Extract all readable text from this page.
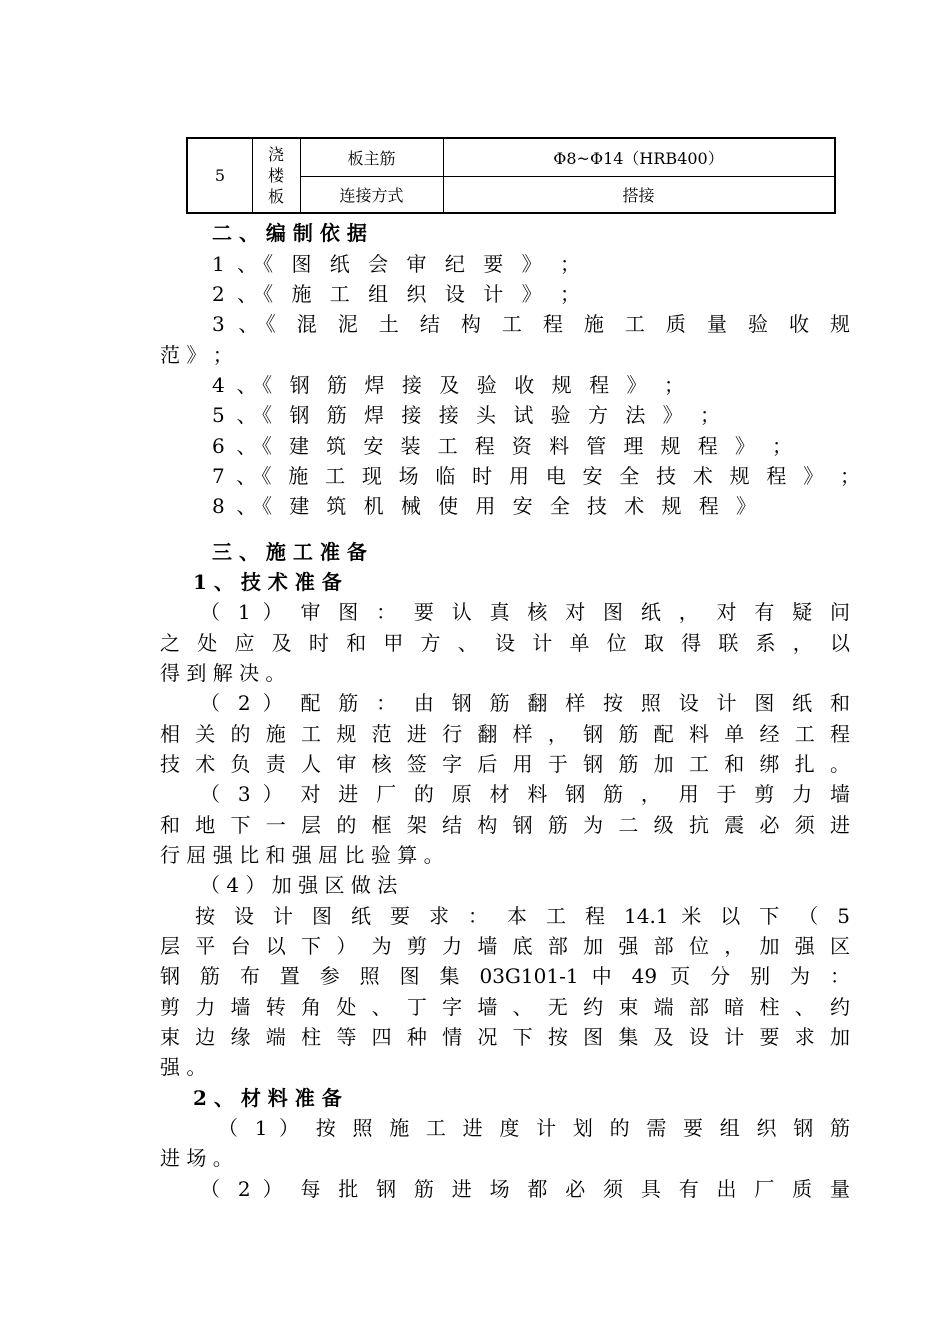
5
浇
楼
板
板主筋	Φ8~Φ14（HRB400）
连接方式	搭接
二 、 编 制 依 据
1 、《 图 纸 会 审 纪 要 》 ；
2 、《 施 工 组 织 设 计 》 ；
3 、《 混 泥 土 结 构 工 程 施 工 质 量 验 收 规
范 》 ；
4 、《 钢 筋 焊 接 及 验 收 规 程 》 ；
5 、《 钢 筋 焊 接 接 头 试 验 方 法 》 ；
6 、《 建 筑 安 装 工 程 资 料 管 理 规 程 》 ；
7 、《 施 工 现 场 临 时 用 电 安 全 技 术 规 程 》 ；
8 、《 建 筑 机 械 使 用 安 全 技 术 规 程 》
三 、 施 工 准 备
1 、 技 术 准 备
（ 1 ） 审 图 ： 要 认 真 核 对 图 纸 ， 对 有 疑 问
之 处 应 及 时 和 甲 方 、 设 计 单 位 取 得 联 系 ， 以
得 到 解 决 。
（ 2 ） 配 筋 ： 由 钢 筋 翻 样 按 照 设 计 图 纸 和
相 关 的 施 工 规 范 进 行 翻 样 ， 钢 筋 配 料 单 经 工 程
技 术 负 责 人 审 核 签 字 后 用 于 钢 筋 加 工 和 绑 扎 。
（ 3 ） 对 进 厂 的 原 材 料 钢 筋 ， 用 于 剪 力 墙
和 地 下 一 层 的 框 架 结 构 钢 筋 为 二 级 抗 震 必 须 进
行 屈 强 比 和 强 屈 比 验 算 。
（ 4 ） 加 强 区 做 法
按 设 计 图 纸 要 求 ： 本 工 程 14.1 米 以 下 （ 5
层 平 台 以 下 ） 为 剪 力 墙 底 部 加 强 部 位 ， 加 强 区
钢 筋 布 置 参 照 图 集 03G101-1 中 49 页 分 别 为 ：
剪 力 墙 转 角 处 、 丁 字 墙 、 无 约 束 端 部 暗 柱 、 约
束 边 缘 端 柱 等 四 种 情 况 下 按 图 集 及 设 计 要 求 加
强 。
2 、 材 料 准 备
（ 1 ） 按 照 施 工 进 度 计 划 的 需 要 组 织 钢 筋
进 场 。
（ 2 ） 每 批 钢 筋 进 场 都 必 须 具 有 出 厂 质 量
